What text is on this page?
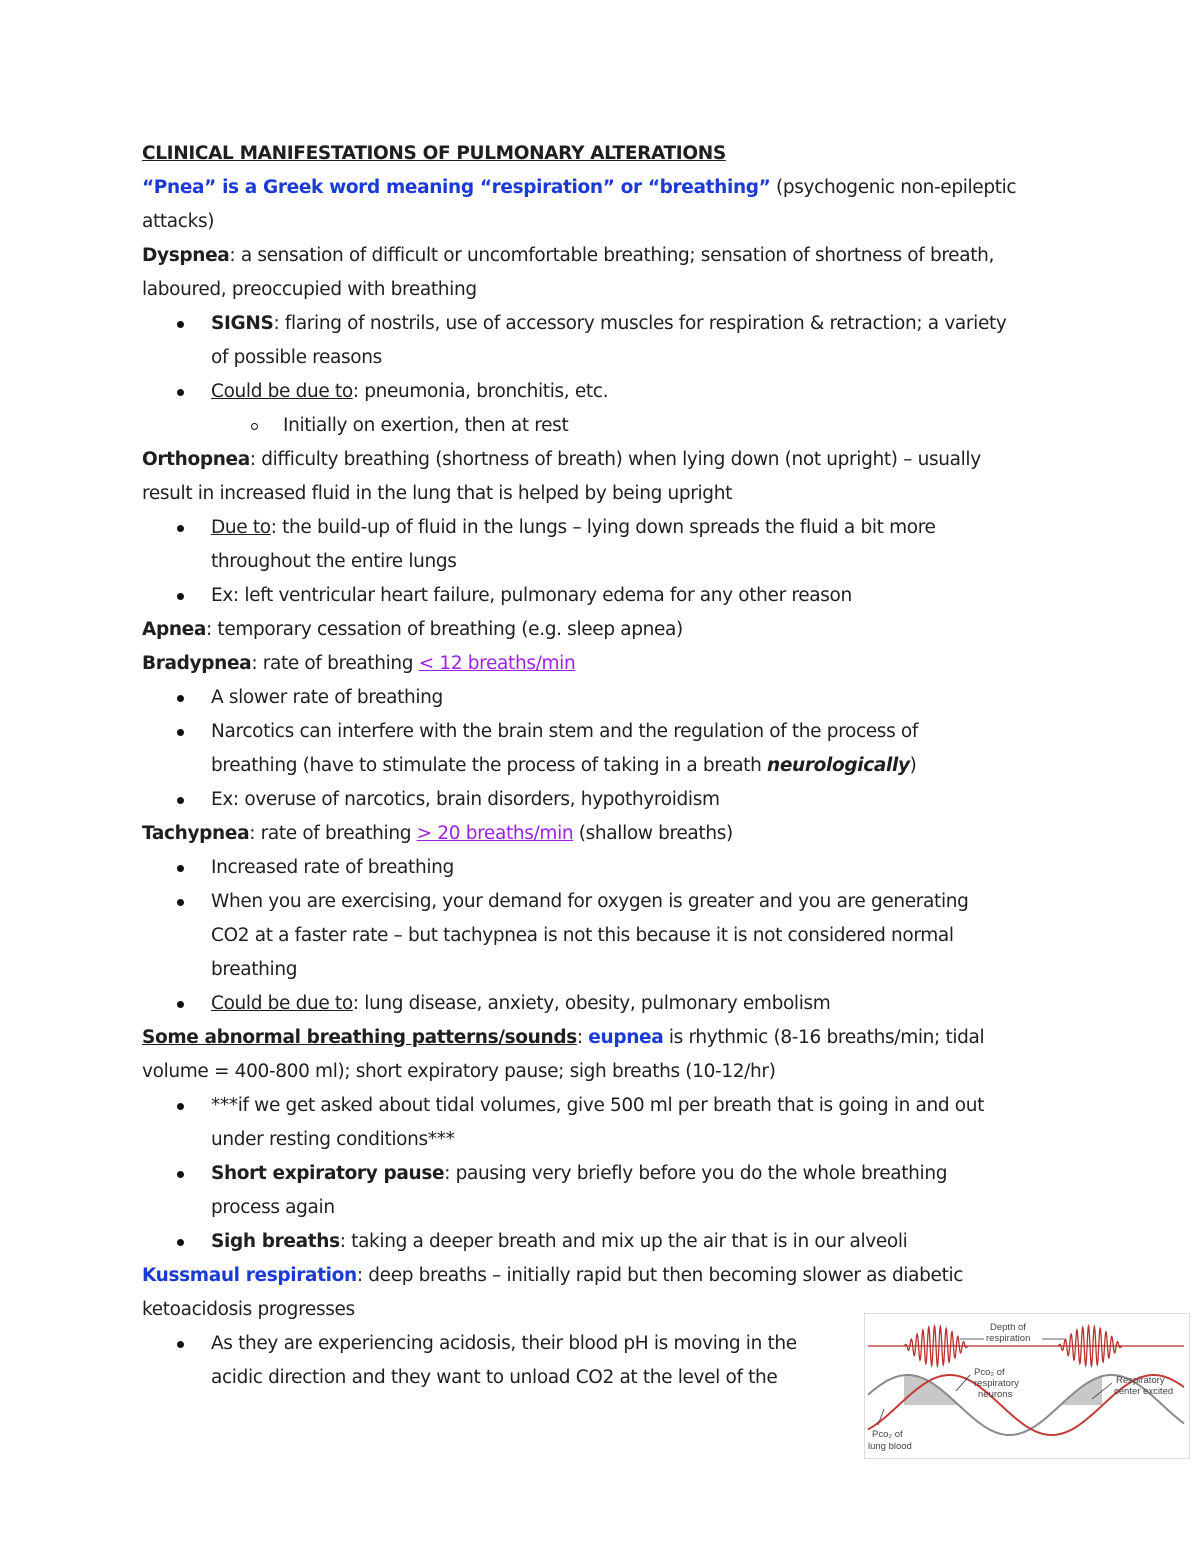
CLINICAL MANIFESTATIONS OF PULMONARY ALTERATIONS
“Pnea” is a Greek word meaning “respiration” or “breathing” (psychogenic non-epileptic
attacks)
Dyspnea: a sensation of difficult or uncomfortable breathing; sensation of shortness of breath,
laboured, preoccupied with breathing
SIGNS: flaring of nostrils, use of accessory muscles for respiration & retraction; a variety
of possible reasons
Could be due to: pneumonia, bronchitis, etc.
Initially on exertion, then at rest
Orthopnea: difficulty breathing (shortness of breath) when lying down (not upright) – usually
result in increased fluid in the lung that is helped by being upright
Due to: the build-up of fluid in the lungs – lying down spreads the fluid a bit more
throughout the entire lungs
Ex: left ventricular heart failure, pulmonary edema for any other reason
Apnea: temporary cessation of breathing (e.g. sleep apnea)
Bradypnea: rate of breathing < 12 breaths/min
A slower rate of breathing
Narcotics can interfere with the brain stem and the regulation of the process of
breathing (have to stimulate the process of taking in a breath neurologically)
Ex: overuse of narcotics, brain disorders, hypothyroidism
Tachypnea: rate of breathing > 20 breaths/min (shallow breaths)
Increased rate of breathing
When you are exercising, your demand for oxygen is greater and you are generating
CO2 at a faster rate – but tachypnea is not this because it is not considered normal
breathing
Could be due to: lung disease, anxiety, obesity, pulmonary embolism
Some abnormal breathing patterns/sounds: eupnea is rhythmic (8-16 breaths/min; tidal
volume = 400-800 ml); short expiratory pause; sigh breaths (10-12/hr)
***if we get asked about tidal volumes, give 500 ml per breath that is going in and out
under resting conditions***
Short expiratory pause: pausing very briefly before you do the whole breathing
process again
Sigh breaths: taking a deeper breath and mix up the air that is in our alveoli
Kussmaul respiration: deep breaths – initially rapid but then becoming slower as diabetic
ketoacidosis progresses
As they are experiencing acidosis, their blood pH is moving in the
acidic direction and they want to unload CO2 at the level of the
Depth of
respiration
Pco₂ of
respiratory
neurons
Respiratory
center excited
Pco₂ of
lung blood
